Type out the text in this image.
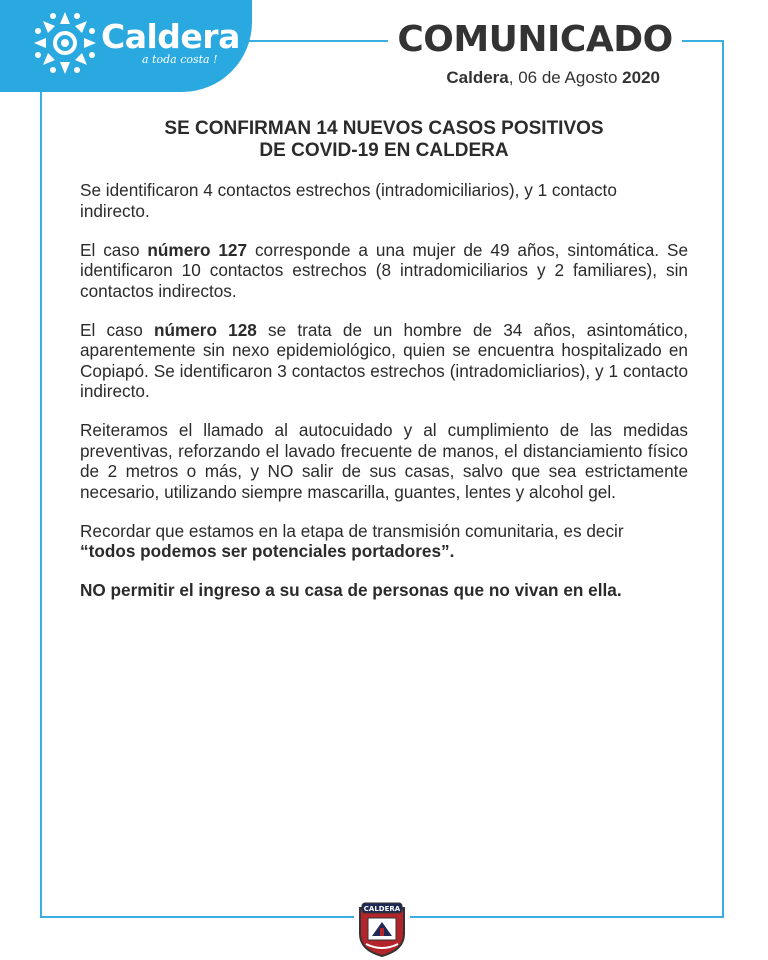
Caldera
a toda costa !	COMUNICADO
Caldera, 06 de Agosto 2020
SE CONFIRMAN 14 NUEVOS CASOS POSITIVOS
DE COVID-19 EN CALDERA

Se identificaron 4 contactos estrechos (intradomiciliarios), y 1 contacto indirecto.

El caso número 127 corresponde a una mujer de 49 años, sintomática. Se identificaron 10 contactos estrechos (8 intradomiciliarios y 2 familiares), sin contactos indirectos.

El caso número 128 se trata de un hombre de 34 años, asintomático, aparentemente sin nexo epidemiológico, quien se encuentra hospitalizado en Copiapó. Se identificaron 3 contactos estrechos (intradomicliarios), y 1 contacto indirecto.

Reiteramos el llamado al autocuidado y al cumplimiento de las medidas preventivas, reforzando el lavado frecuente de manos, el distanciamiento físico de 2 metros o más, y NO salir de sus casas, salvo que sea estrictamente necesario, utilizando siempre mascarilla, guantes, lentes y alcohol gel.

Recordar que estamos en la etapa de transmisión comunitaria, es decir
“todos podemos ser potenciales portadores”.

NO permitir el ingreso a su casa de personas que no vivan en ella.

CALDERA
